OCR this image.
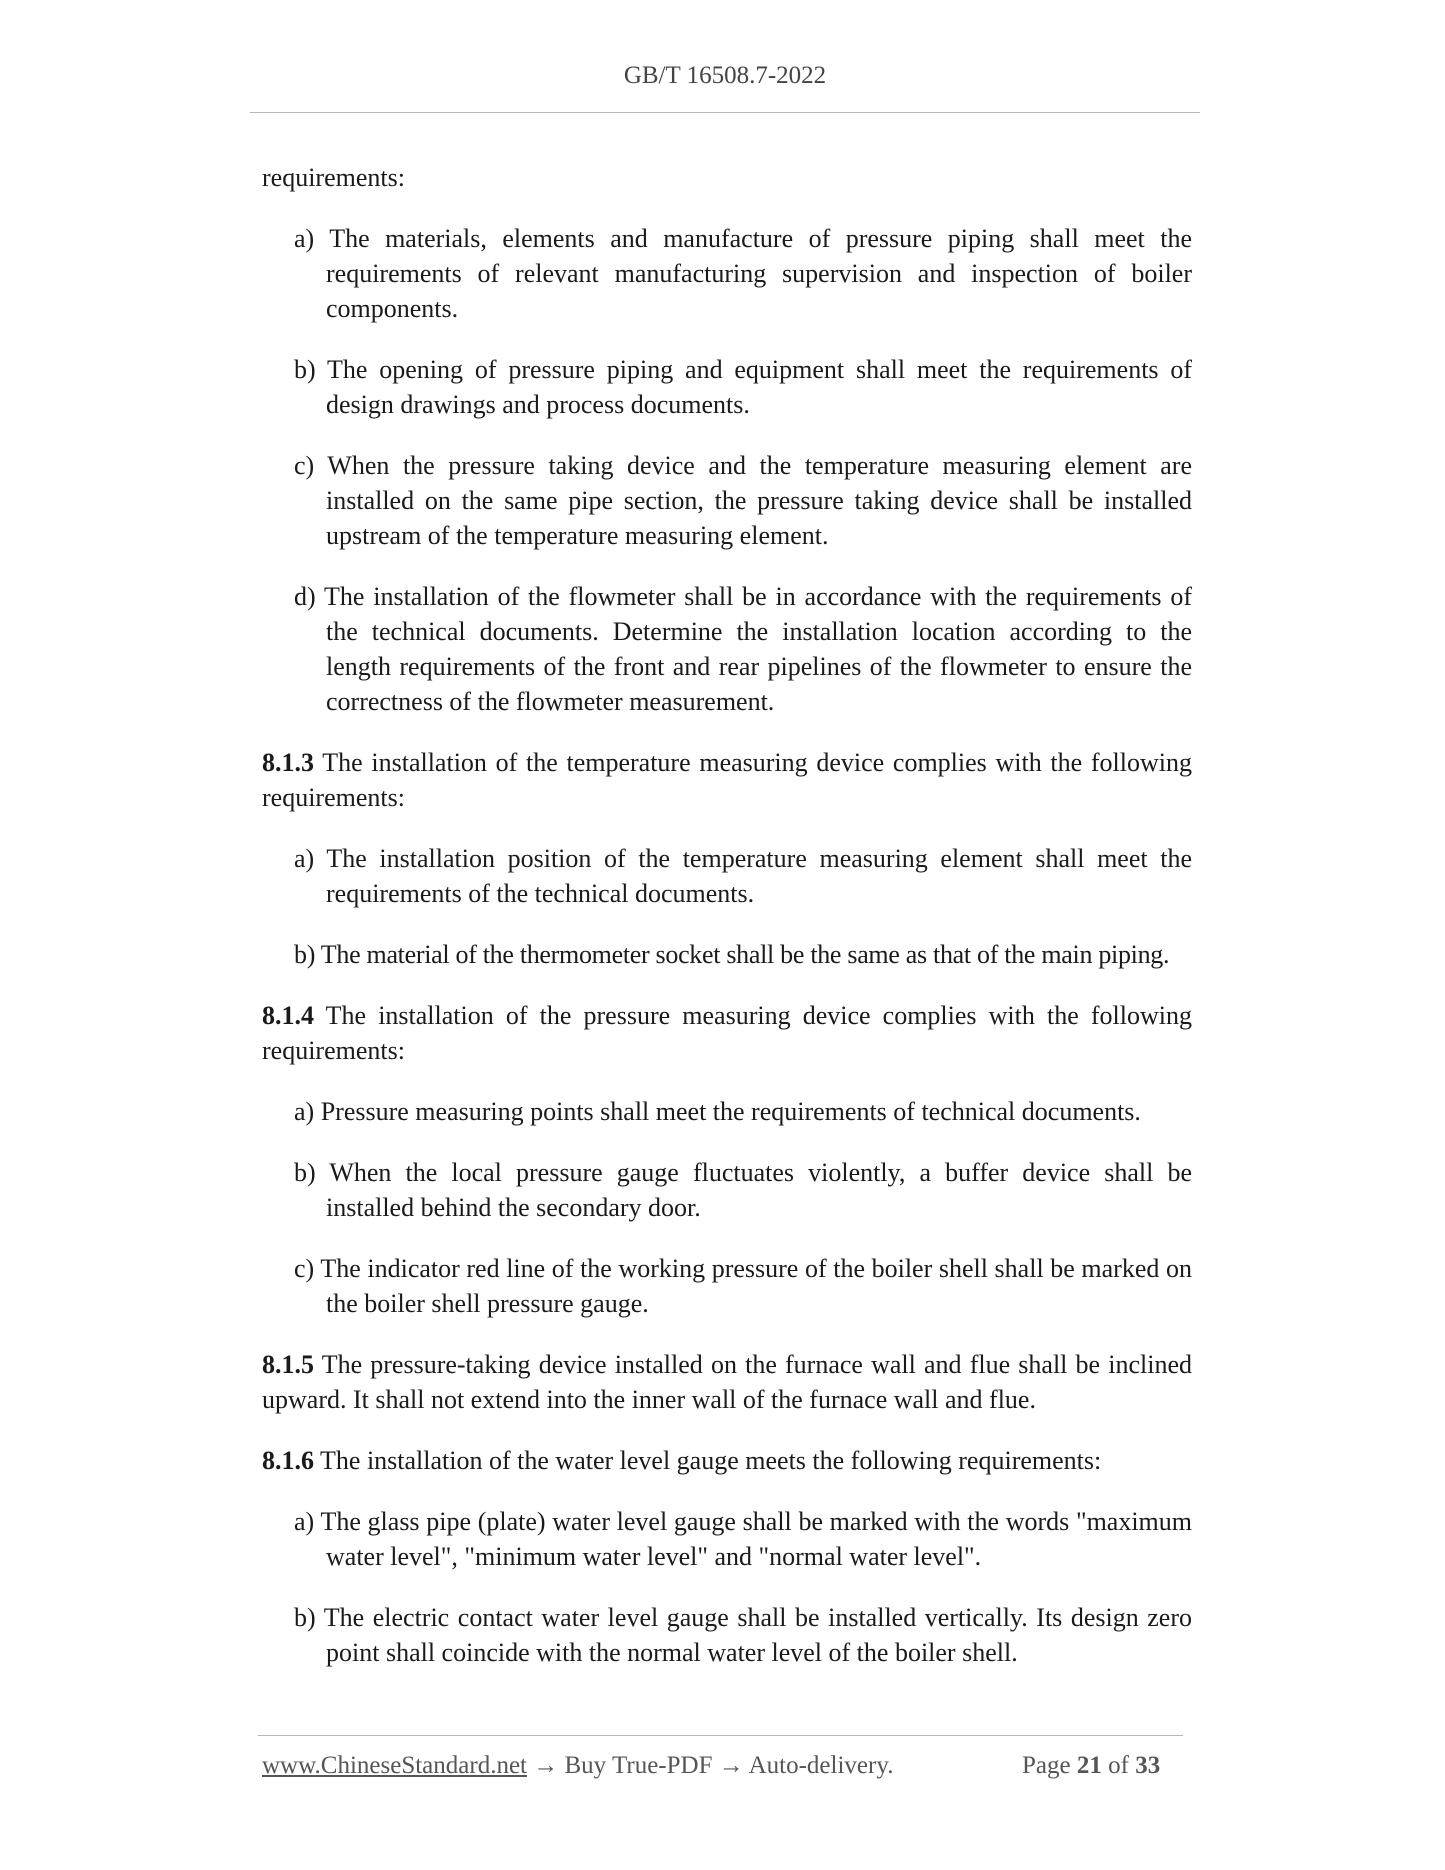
GB/T 16508.7-2022

requirements:

a) The materials, elements and manufacture of pressure piping shall meet the requirements of relevant manufacturing supervision and inspection of boiler components.

b) The opening of pressure piping and equipment shall meet the requirements of design drawings and process documents.

c) When the pressure taking device and the temperature measuring element are installed on the same pipe section, the pressure taking device shall be installed upstream of the temperature measuring element.

d) The installation of the flowmeter shall be in accordance with the requirements of the technical documents. Determine the installation location according to the length requirements of the front and rear pipelines of the flowmeter to ensure the correctness of the flowmeter measurement.

8.1.3 The installation of the temperature measuring device complies with the following requirements:

a) The installation position of the temperature measuring element shall meet the requirements of the technical documents.

b) The material of the thermometer socket shall be the same as that of the main piping.

8.1.4 The installation of the pressure measuring device complies with the following requirements:

a) Pressure measuring points shall meet the requirements of technical documents.

b) When the local pressure gauge fluctuates violently, a buffer device shall be installed behind the secondary door.

c) The indicator red line of the working pressure of the boiler shell shall be marked on the boiler shell pressure gauge.

8.1.5 The pressure-taking device installed on the furnace wall and flue shall be inclined upward. It shall not extend into the inner wall of the furnace wall and flue.

8.1.6 The installation of the water level gauge meets the following requirements:

a) The glass pipe (plate) water level gauge shall be marked with the words "maximum water level", "minimum water level" and "normal water level".

b) The electric contact water level gauge shall be installed vertically. Its design zero point shall coincide with the normal water level of the boiler shell.

www.ChineseStandard.net → Buy True-PDF → Auto-delivery.	Page 21 of 33
